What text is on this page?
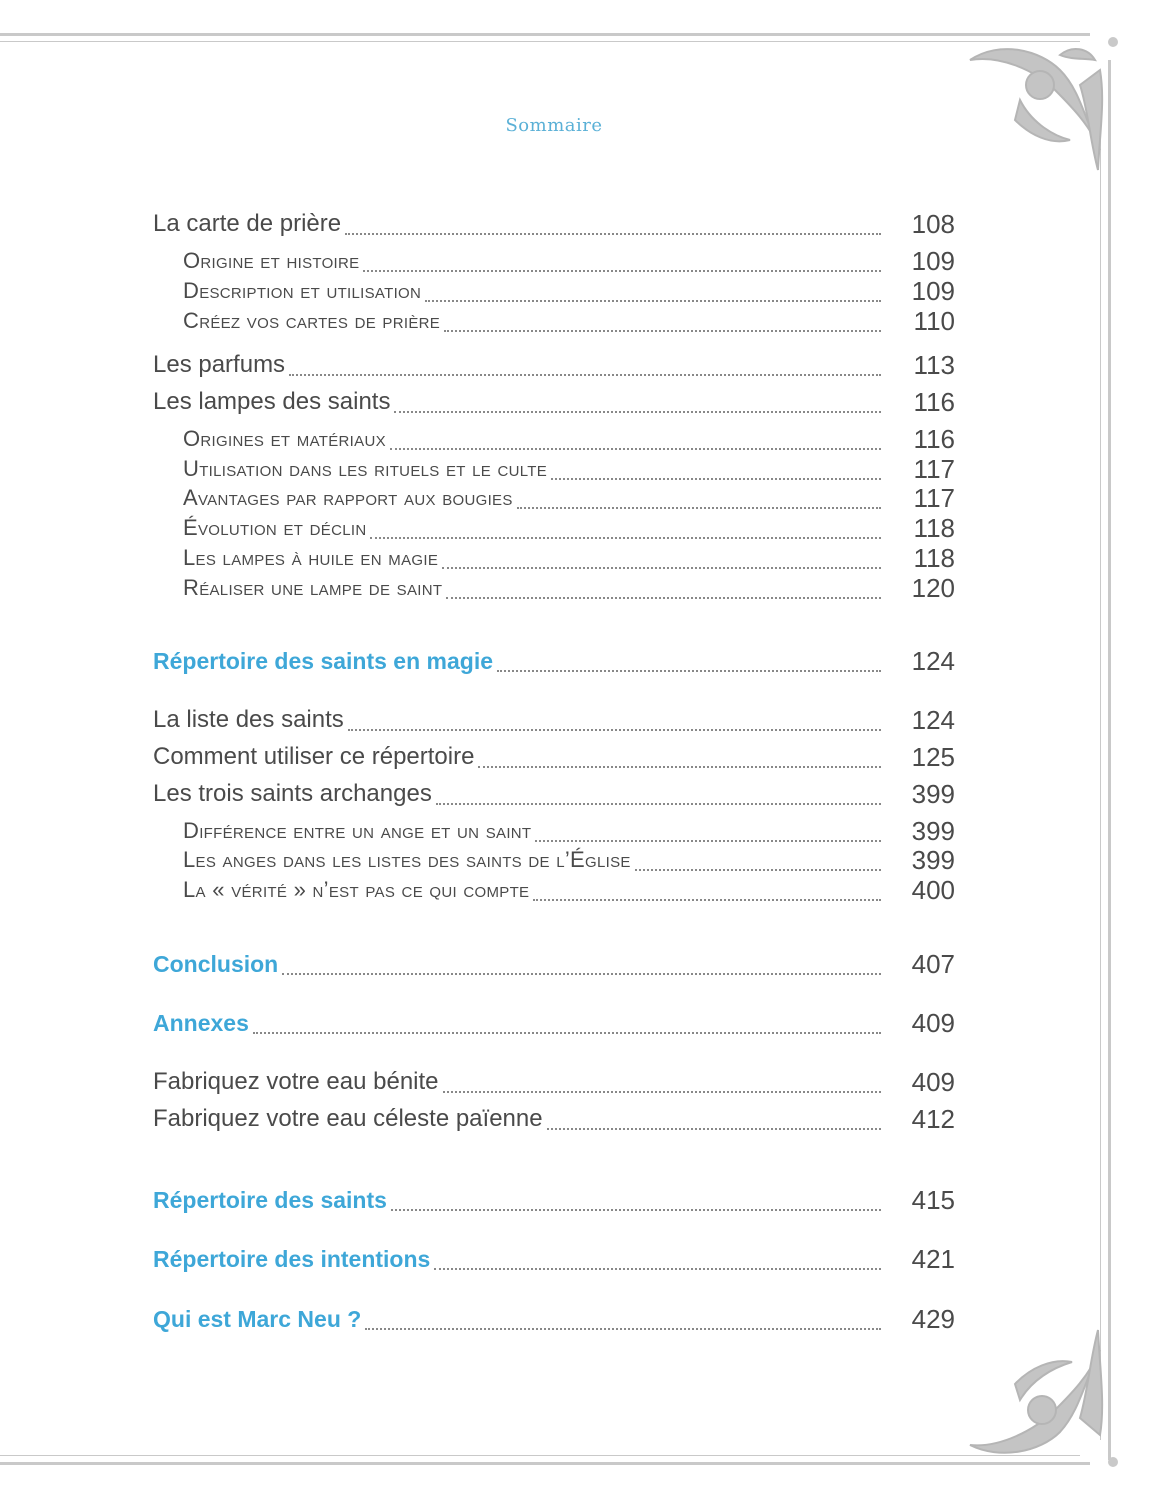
Sommaire
La carte de prière	108
Origine et histoire	109
Description et utilisation	109
Créez vos cartes de prière	110
Les parfums	113
Les lampes des saints	116
Origines et matériaux	116
Utilisation dans les rituels et le culte	117
Avantages par rapport aux bougies	117
Évolution et déclin	118
Les lampes à huile en magie	118
Réaliser une lampe de saint	120
Répertoire des saints en magie	124
La liste des saints	124
Comment utiliser ce répertoire	125
Les trois saints archanges	399
Différence entre un ange et un saint	399
Les anges dans les listes des saints de l’Église	399
La « vérité » n’est pas ce qui compte	400
Conclusion	407
Annexes	409
Fabriquez votre eau bénite	409
Fabriquez votre eau céleste païenne	412
Répertoire des saints	415
Répertoire des intentions	421
Qui est Marc Neu ?	429
